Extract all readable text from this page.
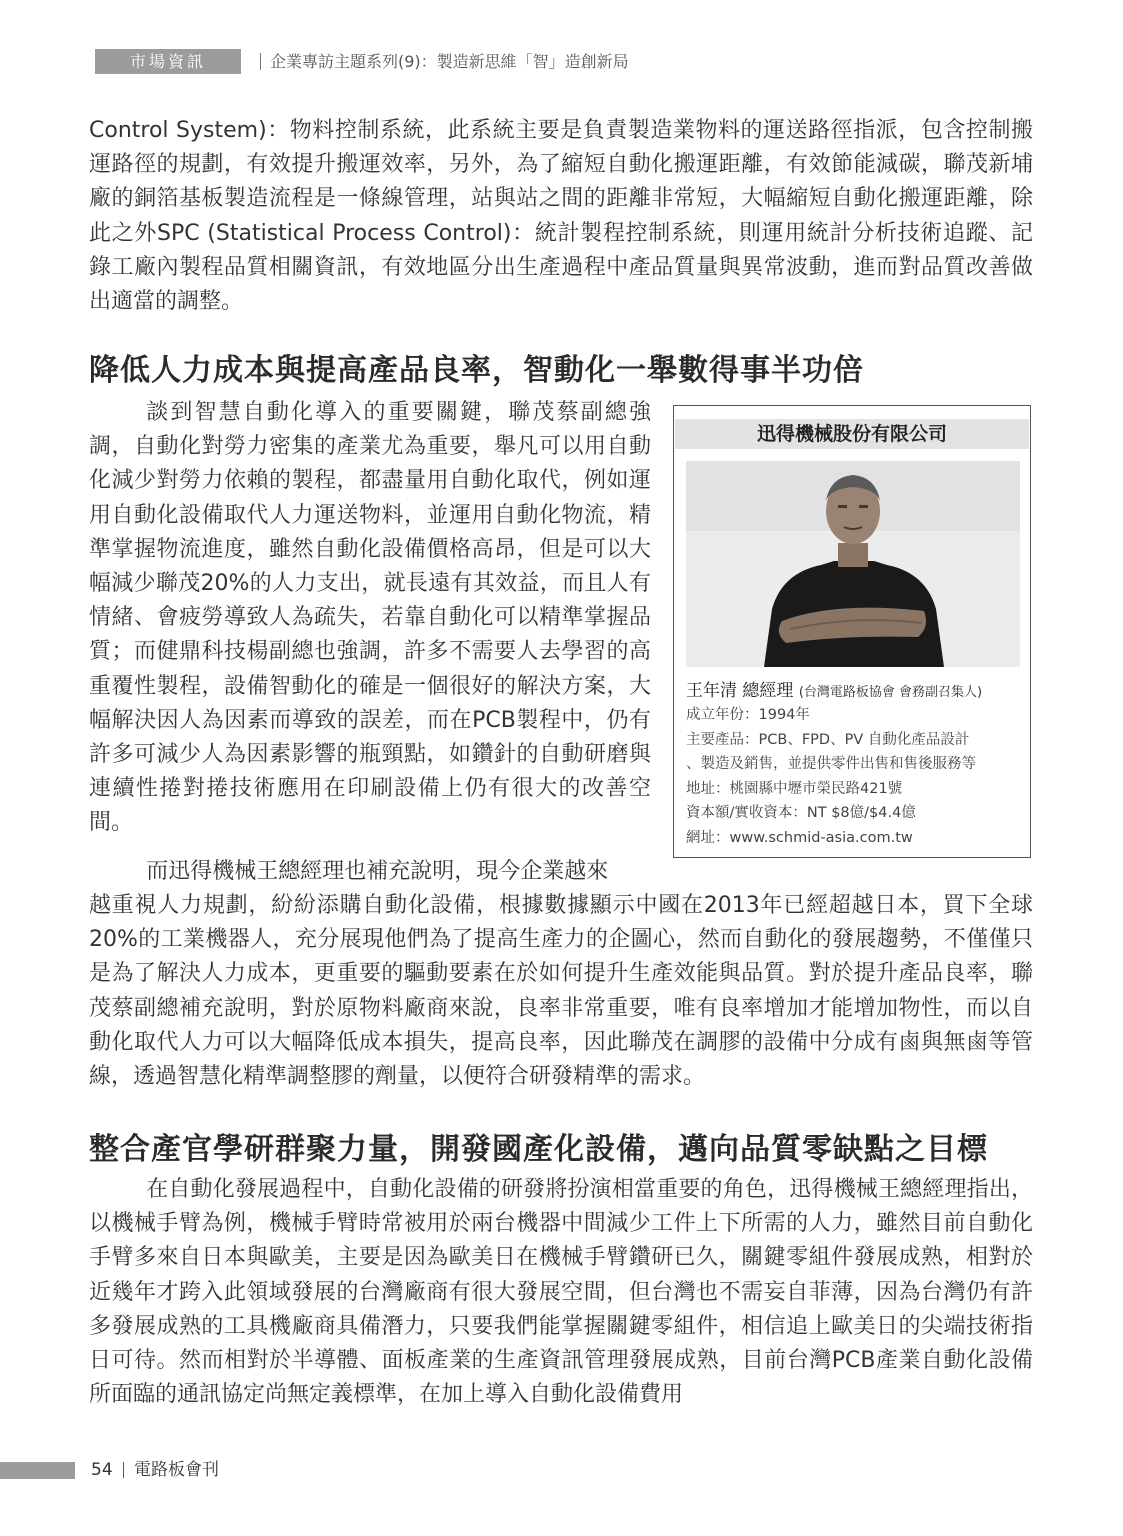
市場資訊	企業專訪主題系列(9)：製造新思維「智」造創新局

Control System)：物料控制系統，此系統主要是負責製造業物料的運送路徑指派，包含控制搬運路徑的規劃，有效提升搬運效率，另外，為了縮短自動化搬運距離，有效節能減碳，聯茂新埔廠的銅箔基板製造流程是一條線管理，站與站之間的距離非常短，大幅縮短自動化搬運距離，除此之外SPC (Statistical Process Control)：統計製程控制系統，則運用統計分析技術追蹤、記錄工廠內製程品質相關資訊，有效地區分出生產過程中產品質量與異常波動，進而對品質改善做出適當的調整。

降低人力成本與提高產品良率，智動化一舉數得事半功倍

談到智慧自動化導入的重要關鍵，聯茂蔡副總強調，自動化對勞力密集的產業尤為重要，舉凡可以用自動化減少對勞力依賴的製程，都盡量用自動化取代，例如運用自動化設備取代人力運送物料，並運用自動化物流，精準掌握物流進度，雖然自動化設備價格高昂，但是可以大幅減少聯茂20%的人力支出，就長遠有其效益，而且人有情緒、會疲勞導致人為疏失，若靠自動化可以精準掌握品質；而健鼎科技楊副總也強調，許多不需要人去學習的高重覆性製程，設備智動化的確是一個很好的解決方案，大幅解決因人為因素而導致的誤差，而在PCB製程中，仍有許多可減少人為因素影響的瓶頸點，如鑽針的自動研磨與連續性捲對捲技術應用在印刷設備上仍有很大的改善空間。

而迅得機械王總經理也補充說明，現今企業越來

越重視人力規劃，紛紛添購自動化設備，根據數據顯示中國在2013年已經超越日本，買下全球20%的工業機器人，充分展現他們為了提高生產力的企圖心，然而自動化的發展趨勢，不僅僅只是為了解決人力成本，更重要的驅動要素在於如何提升生產效能與品質。對於提升產品良率，聯茂蔡副總補充說明，對於原物料廠商來說，良率非常重要，唯有良率增加才能增加物性，而以自動化取代人力可以大幅降低成本損失，提高良率，因此聯茂在調膠的設備中分成有鹵與無鹵等管線，透過智慧化精準調整膠的劑量，以便符合研發精準的需求。

迅得機械股份有限公司
王年清 總經理 (台灣電路板協會 會務副召集人)
成立年份：1994年
主要產品：PCB、FPD、PV 自動化產品設計
、製造及銷售，並提供零件出售和售後服務等
地址：桃園縣中壢市榮民路421號
資本額/實收資本：NT $8億/$4.4億
網址：www.schmid-asia.com.tw
整合產官學研群聚力量，開發國產化設備，邁向品質零缺點之目標

在自動化發展過程中，自動化設備的研發將扮演相當重要的角色，迅得機械王總經理指出，以機械手臂為例，機械手臂時常被用於兩台機器中間減少工件上下所需的人力，雖然目前自動化手臂多來自日本與歐美，主要是因為歐美日在機械手臂鑽研已久，關鍵零組件發展成熟，相對於近幾年才跨入此領域發展的台灣廠商有很大發展空間，但台灣也不需妄自菲薄，因為台灣仍有許多發展成熟的工具機廠商具備潛力，只要我們能掌握關鍵零組件，相信追上歐美日的尖端技術指日可待。然而相對於半導體、面板產業的生產資訊管理發展成熟，目前台灣PCB產業自動化設備所面臨的通訊協定尚無定義標準，在加上導入自動化設備費用

54 電路板會刊
